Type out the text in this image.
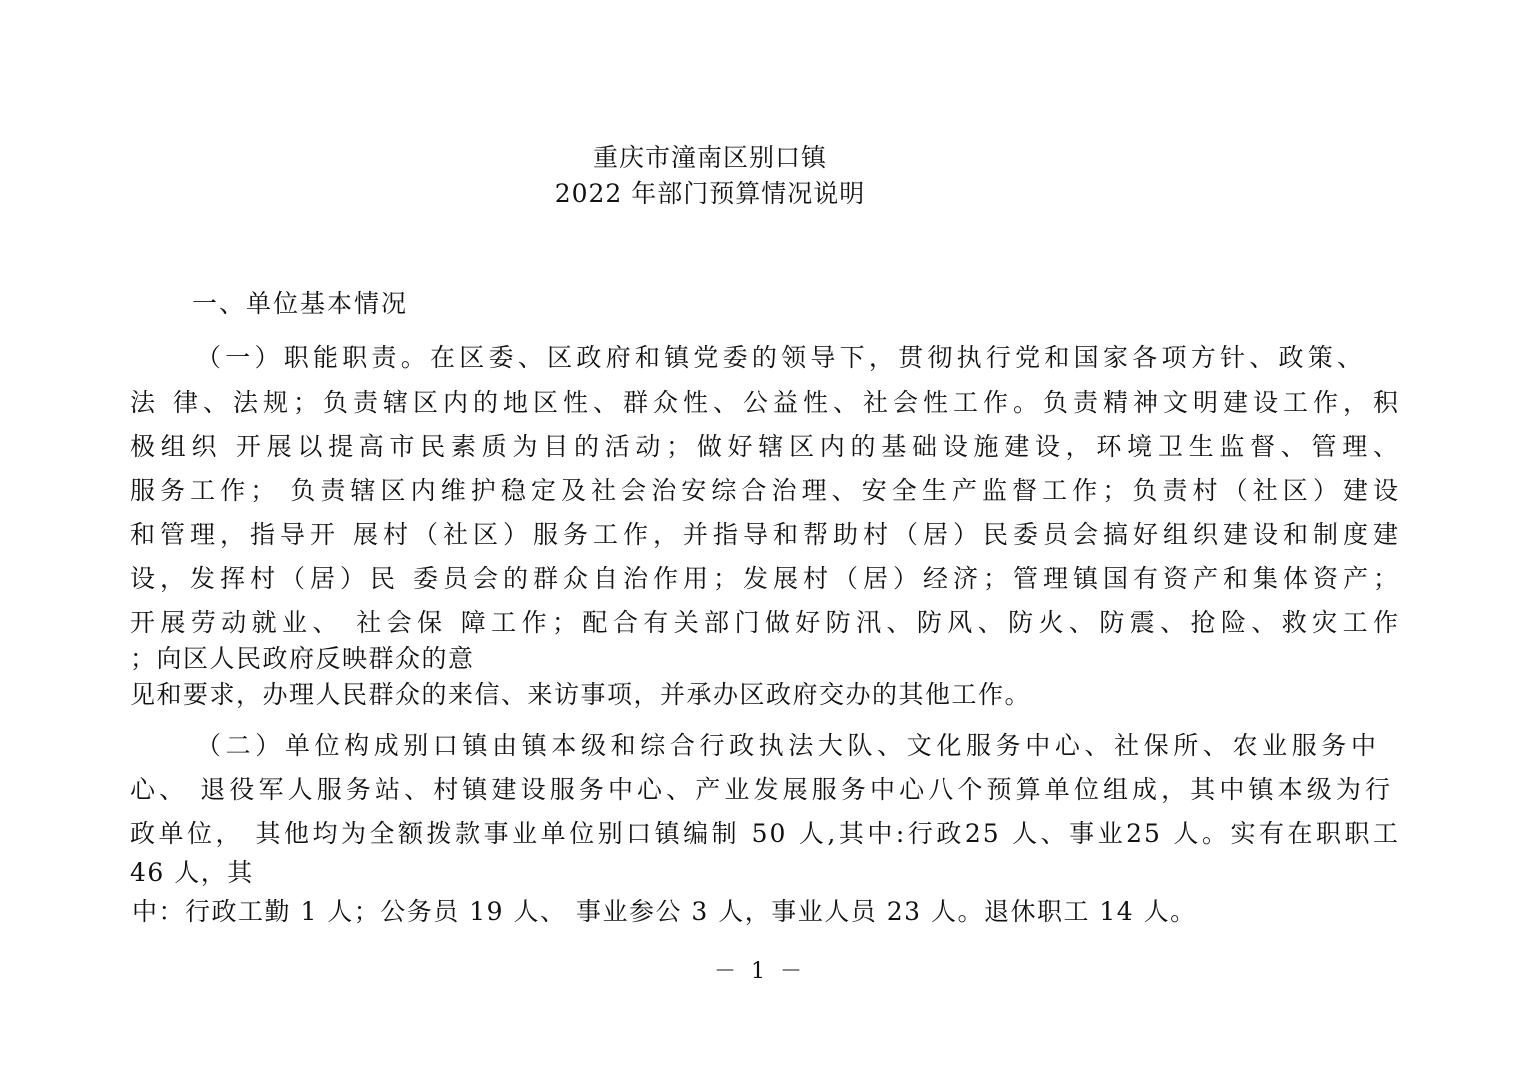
重庆市潼南区别口镇
2022 年部门预算情况说明
一、单位基本情况
（一）职能职责。在区委、区政府和镇党委的领导下，贯彻执行党和国家各项方针、政策、
法 律、法规；负责辖区内的地区性、群众性、公益性、社会性工作。负责精神文明建设工作，积
极组织 开展以提高市民素质为目的活动；做好辖区内的基础设施建设，环境卫生监督、管理、
服务工作； 负责辖区内维护稳定及社会治安综合治理、安全生产监督工作；负责村（社区）建设
和管理，指导开 展村（社区）服务工作，并指导和帮助村（居）民委员会搞好组织建设和制度建
设，发挥村（居）民 委员会的群众自治作用；发展村（居）经济；管理镇国有资产和集体资产；
开展劳动就业、 社会保 障工作；配合有关部门做好防汛、防风、防火、防震、抢险、救灾工作
；向区人民政府反映群众的意
见和要求，办理人民群众的来信、来访事项，并承办区政府交办的其他工作。
（二）单位构成别口镇由镇本级和综合行政执法大队、文化服务中心、社保所、农业服务中
心、 退役军人服务站、村镇建设服务中心、产业发展服务中心八个预算单位组成，其中镇本级为行
政单位， 其他均为全额拨款事业单位别口镇编制 50 人,其中:行政25 人、事业25 人。实有在职职工
46 人，其
中：行政工勤 1 人；公务员 19 人、 事业参公 3 人，事业人员 23 人。退休职工 14 人。
－ 1 －
